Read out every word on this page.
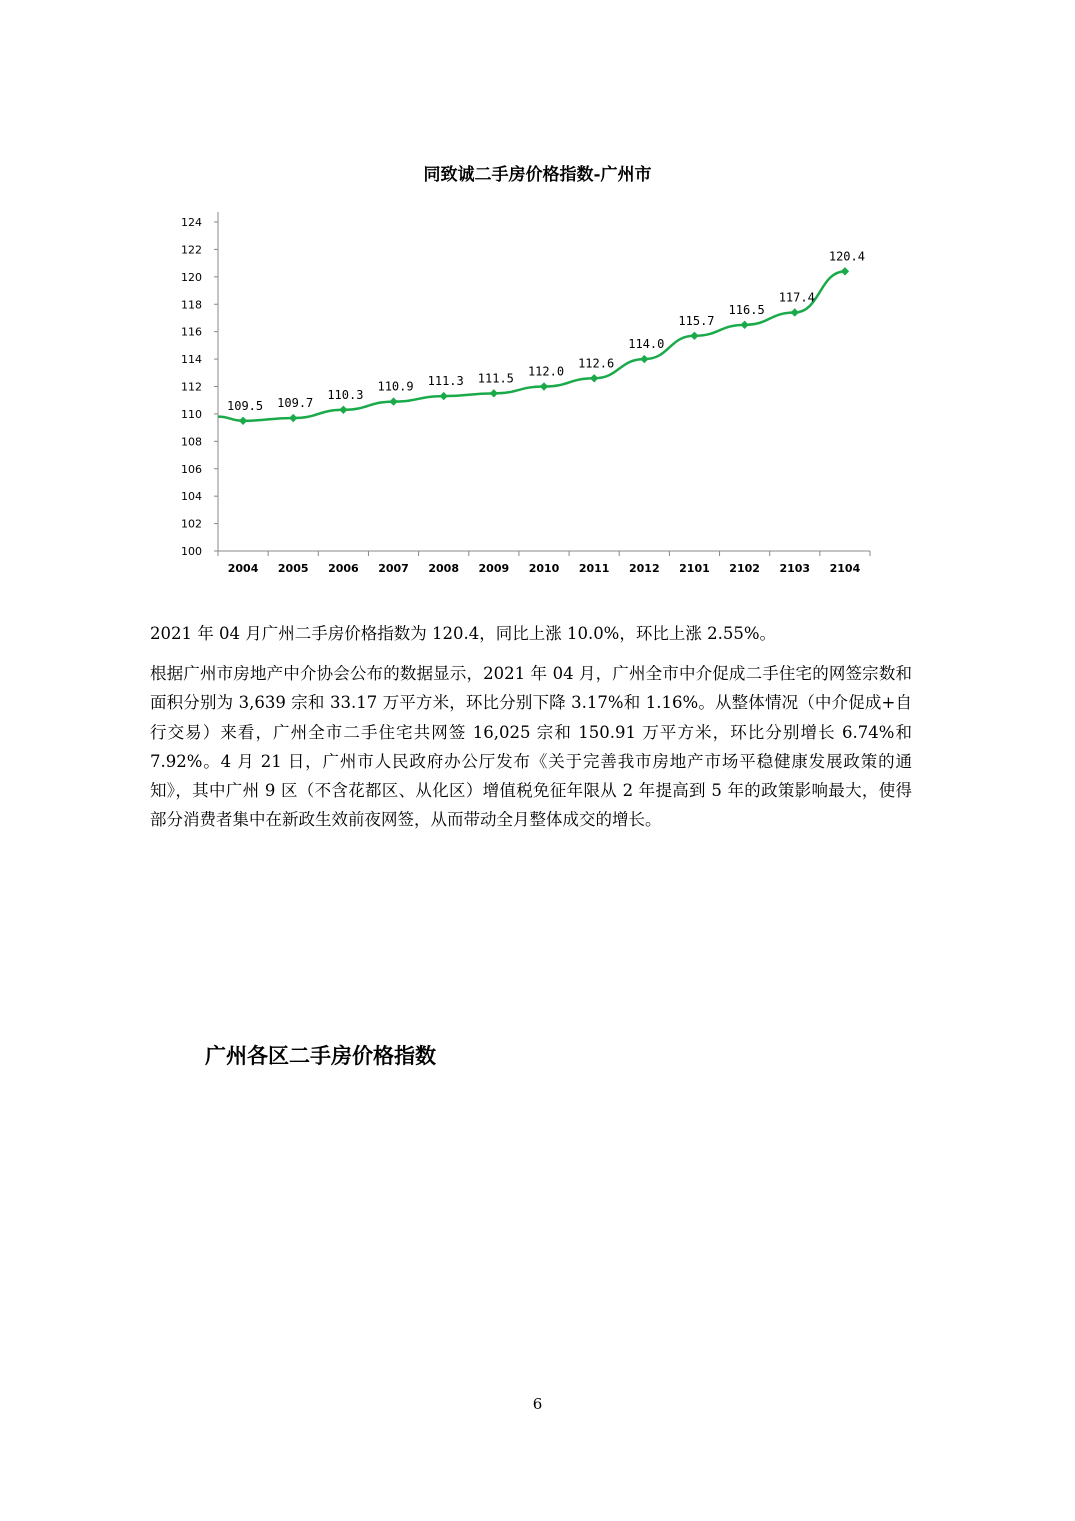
同致诚二手房价格指数-广州市
100
102
104
106
108
110
112
114
116
118
120
122
124
2004 2005 2006 2007 2008 2009 2010 2011 2012 2101 2102 2103 2104
109.5 109.7
110.3
110.9 111.3 111.5 112.0
112.6
114.0
115.7
116.5
117.4
120.4
2021 年 04 月广州二手房价格指数为 120.4，同比上涨 10.0%，环比上涨 2.55%。
根据广州市房地产中介协会公布的数据显示，2021 年 04 月，广州全市中介促成二手住宅的网签宗数和面积分别为 3,639 宗和 33.17 万平方米，环比分别下降 3.17%和 1.16%。从整体情况（中介促成+自行交易）来看，广州全市二手住宅共网签 16,025 宗和 150.91 万平方米，环比分别增长 6.74%和 7.92%。4 月 21 日，广州市人民政府办公厅发布《关于完善我市房地产市场平稳健康发展政策的通知》，其中广州 9 区（不含花都区、从化区）增值税免征年限从 2 年提高到 5 年的政策影响最大，使得部分消费者集中在新政生效前夜网签，从而带动全月整体成交的增长。
广州各区二手房价格指数
6
